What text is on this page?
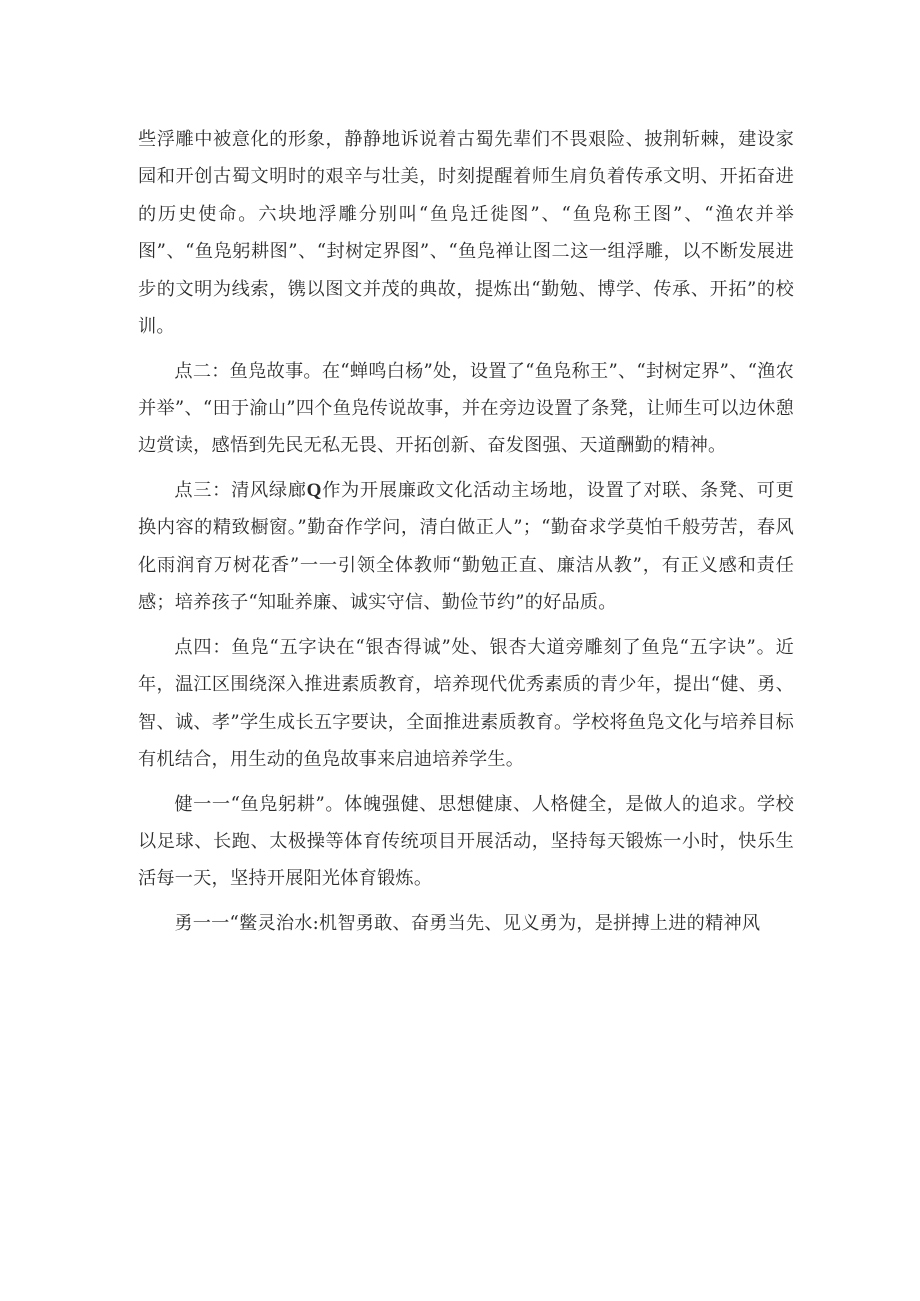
些浮雕中被意化的形象，静静地诉说着古蜀先辈们不畏艰险、披荆斩棘，建设家园和开创古蜀文明时的艰辛与壮美，时刻提醒着师生肩负着传承文明、开拓奋进的历史使命。六块地浮雕分别叫“鱼凫迁徙图”、“鱼凫称王图”、“渔农并举图”、“鱼凫躬耕图”、“封树定界图”、“鱼凫禅让图二这一组浮雕，以不断发展进步的文明为线索，镌以图文并茂的典故，提炼出“勤勉、博学、传承、开拓”的校训。

点二：鱼凫故事。在“蝉鸣白杨”处，设置了“鱼凫称王”、“封树定界”、“渔农并举”、“田于渝山”四个鱼凫传说故事，并在旁边设置了条凳，让师生可以边休憩边赏读，感悟到先民无私无畏、开拓创新、奋发图强、天道酬勤的精神。

点三：清风绿廊Q作为开展廉政文化活动主场地，设置了对联、条凳、可更换内容的精致橱窗。”勤奋作学问，清白做正人”；“勤奋求学莫怕千般劳苦，春风化雨润育万树花香”一一引领全体教师“勤勉正直、廉洁从教”，有正义感和责任感；培养孩子“知耻养廉、诚实守信、勤俭节约”的好品质。

点四：鱼凫“五字诀在“银杏得诚”处、银杏大道旁雕刻了鱼凫“五字诀”。近年，温江区围绕深入推进素质教育，培养现代优秀素质的青少年，提出“健、勇、智、诚、孝”学生成长五字要诀，全面推进素质教育。学校将鱼凫文化与培养目标有机结合，用生动的鱼凫故事来启迪培养学生。

健一一“鱼凫躬耕”。体魄强健、思想健康、人格健全，是做人的追求。学校以足球、长跑、太极操等体育传统项目开展活动，坚持每天锻炼一小时，快乐生活每一天，坚持开展阳光体育锻炼。

勇一一“鳖灵治水:机智勇敢、奋勇当先、见义勇为，是拼搏上进的精神风
